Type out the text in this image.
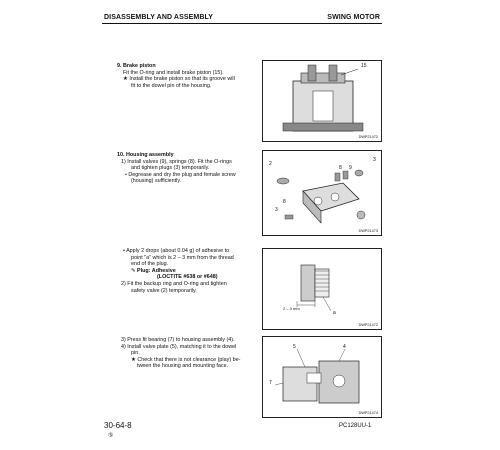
DISASSEMBLY AND ASSEMBLY	SWING MOTOR
9. Brake piston
Fit the O-ring and install brake piston (15).
★ Install the brake piston so that its groove will
fit to the dowel pin of the housing.
15
DWP21472
10. Housing assembly
1) Install valves (9), springs (8). Fit the O-rings
and tighten plugs (3) temporarily.
• Degrease and dry the plug and female screw
(housing) sufficiently.
2
3
8 9
3
8
DWP21473
• Apply 2 drops (about 0.04 g) of adhesive to
point "a" which is 2 – 3 mm from the thread
end of the plug.
✎ Plug: Adhesive
(LOCTITE #638 or #648)
2) Fit the backup ring and O-ring and tighten
safety valve (2) temporarily.
2 – 3 mm
a
DWP21472
3) Press fit bearing (7) to housing assembly (4).
4) Install valve plate (5), matching it to the dowel
pin.
★ Check that there is not clearance (play) be-
tween the housing and mounting face.
5	4
7
DWP21474
30-64-8
⑤
PC128UU-1
